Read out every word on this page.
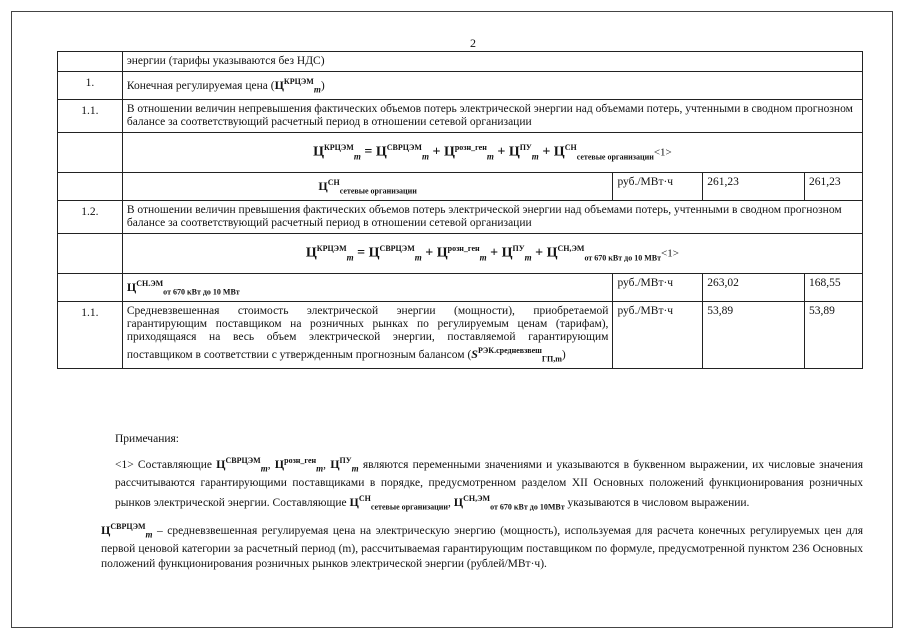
2
	энергии (тарифы указываются без НДС)			
1.	Конечная регулируемая цена $(Ц^{КРЦЭМ}_m)$			
1.1.	В отношении величин непревышения фактических объемов потерь электрической энергии над объемами потерь, учтенными в сводном прогнозном балансе за соответствующий расчетный период в отношении сетевой организации			
	$Ц^{КРЦЭМ}_m = Ц^{СВРЦЭМ}_m + Ц^{розн\_ген}_m + Ц^{ПУ}_m + Ц^{СН}_{сетевые организации}<1>$			
	$Ц^{СН}_{сетевые организации}$	руб./МВт·ч	261,23	261,23
1.2.	В отношении величин превышения фактических объемов потерь электрической энергии над объемами потерь, учтенными в сводном прогнозном балансе за соответствующий расчетный период в отношении сетевой организации			
	$Ц^{КРЦЭМ}_m = Ц^{СВРЦЭМ}_m + Ц^{розн\_ген}_m + Ц^{ПУ}_m + Ц^{СН,ЭМ}_{от 670 кВт до 10 МВт}<1>$			
	$Ц^{СН.ЭМ}_{от 670 кВт до 10 МВт}$	руб./МВт·ч	263,02	168,55
1.1.	Средневзвешенная стоимость электрической энергии (мощности), приобретаемой гарантирующим поставщиком на розничных рынках по регулируемым ценам (тарифам), приходящаяся на весь объем электрической энергии, поставляемой гарантирующим поставщиком в соответствии с утвержденным прогнозным балансом $(S^{РЭК.средневзвеш}_{ГП,m})$	руб./МВт·ч	53,89	53,89

Примечания:

<1> Составляющие $Ц^{СВРЦЭМ}_m$, $Ц^{розн\_ген}_m$, $Ц^{ПУ}_m$ являются переменными значениями и указываются в буквенном выражении, их числовые значения рассчитываются гарантирующими поставщиками в порядке, предусмотренном разделом XII Основных положений функционирования розничных рынков электрической энергии. Составляющие $Ц^{СН}_{сетевые организации}$, $Ц^{СН,ЭМ}_{от 670 кВт до 10МВт}$ указываются в числовом выражении.

$Ц^{СВРЦЭМ}_m$ – средневзвешенная регулируемая цена на электрическую энергию (мощность), используемая для расчета конечных регулируемых цен для первой ценовой категории за расчетный период (m), рассчитываемая гарантирующим поставщиком по формуле, предусмотренной пунктом 236 Основных положений функционирования розничных рынков электрической энергии (рублей/МВт·ч).
